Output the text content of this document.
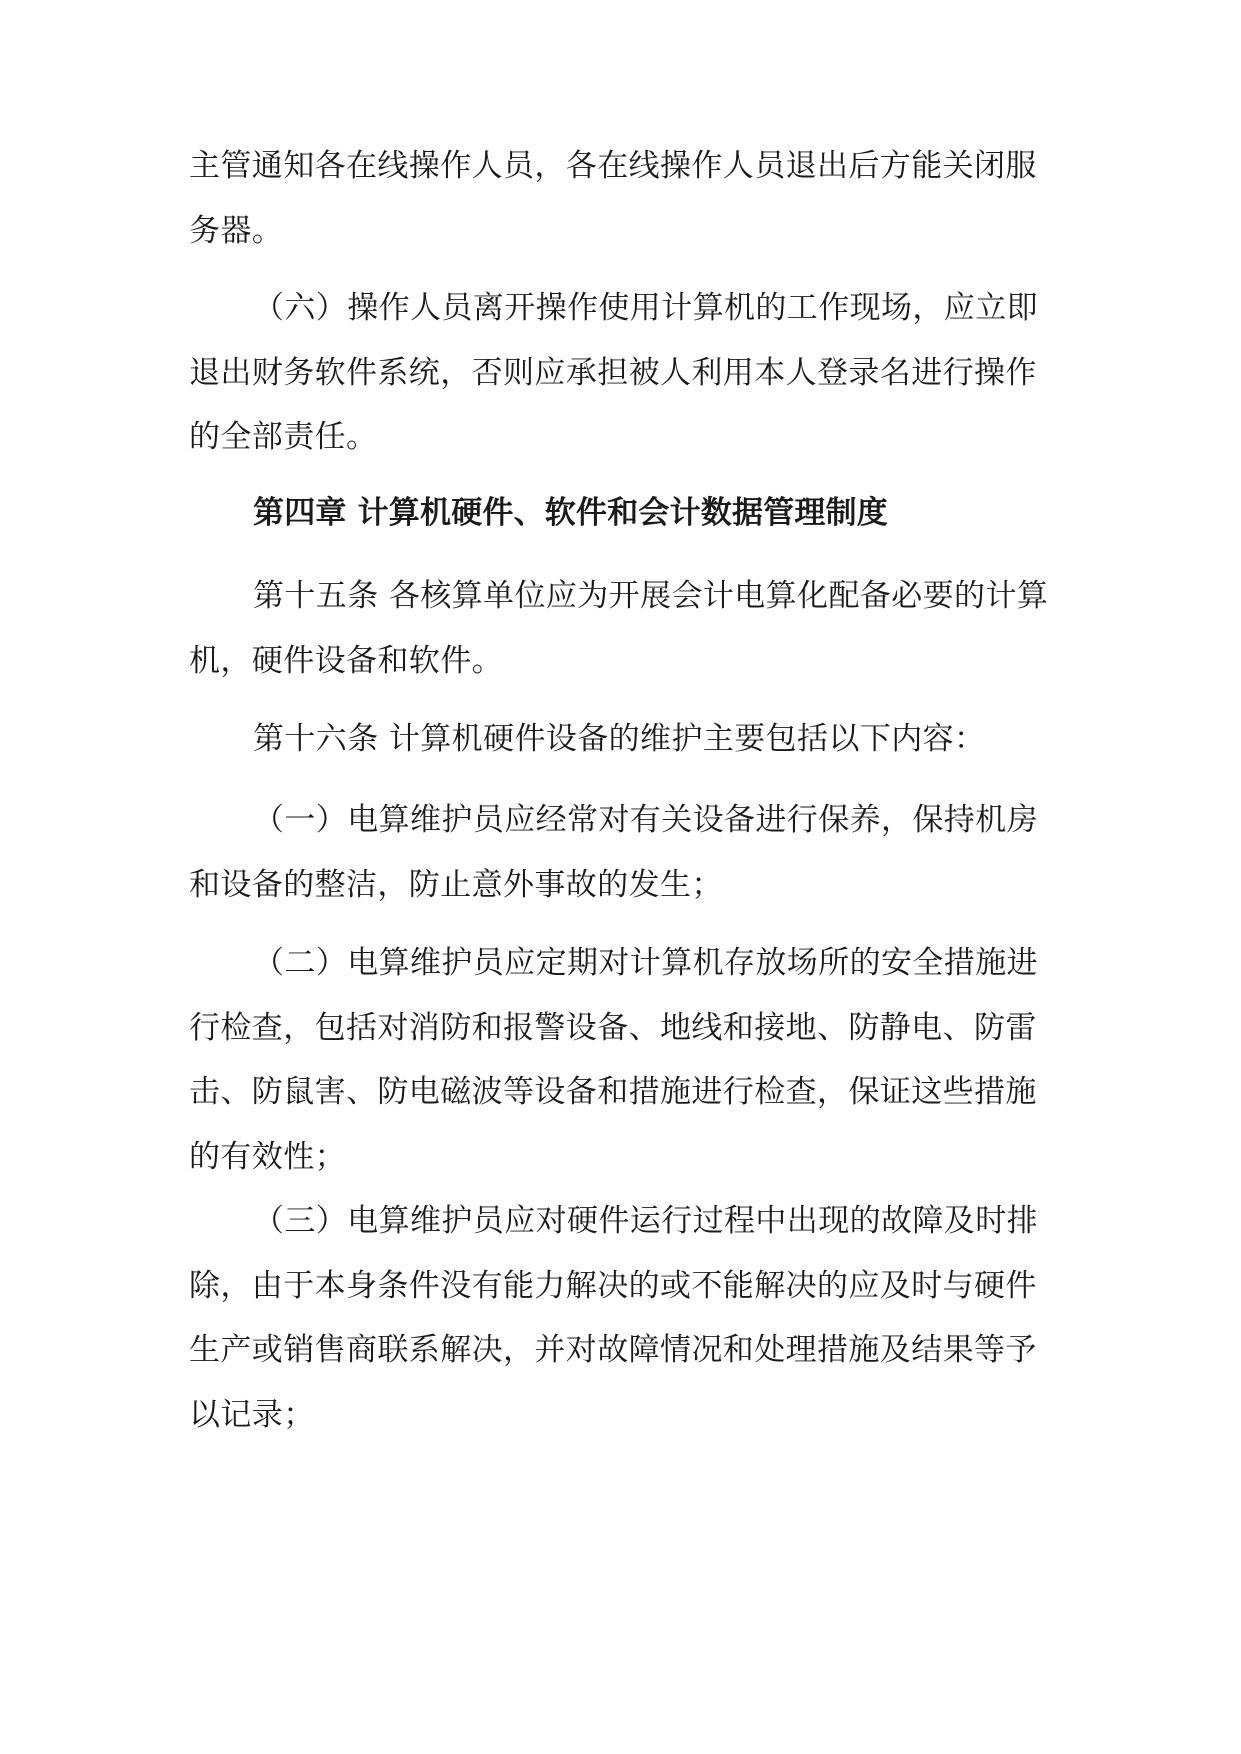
主管通知各在线操作人员，各在线操作人员退出后方能关闭服务器。

（六）操作人员离开操作使用计算机的工作现场，应立即退出财务软件系统，否则应承担被人利用本人登录名进行操作的全部责任。

第四章 计算机硬件、软件和会计数据管理制度

第十五条 各核算单位应为开展会计电算化配备必要的计算机，硬件设备和软件。

第十六条 计算机硬件设备的维护主要包括以下内容：

（一）电算维护员应经常对有关设备进行保养，保持机房和设备的整洁，防止意外事故的发生；

（二）电算维护员应定期对计算机存放场所的安全措施进行检查，包括对消防和报警设备、地线和接地、防静电、防雷击、防鼠害、防电磁波等设备和措施进行检查，保证这些措施的有效性；

（三）电算维护员应对硬件运行过程中出现的故障及时排除，由于本身条件没有能力解决的或不能解决的应及时与硬件生产或销售商联系解决，并对故障情况和处理措施及结果等予以记录；
